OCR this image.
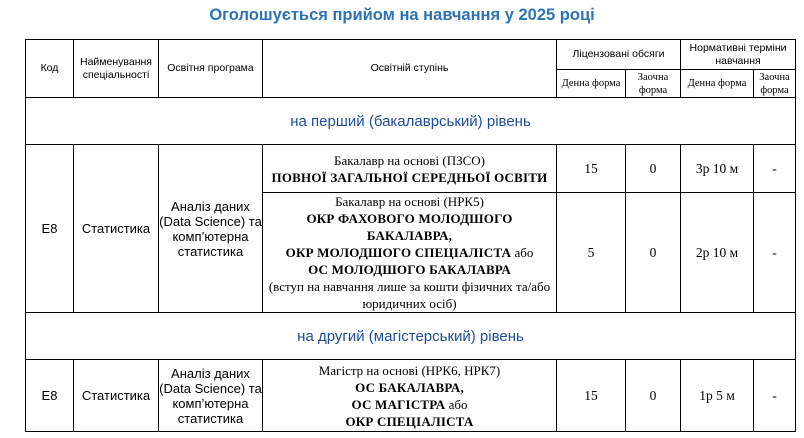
Оголошується прийом на навчання у 2025 році
Код	Найменування спеціальності	Освітня програма	Освітній ступінь	Ліцензовані обсяги		Нормативні терміни навчання	
				Денна форма	Заочна форма	Денна форма	Заочна форма
на перший (бакалаврський) рівень							
Е8	Статистика	Аналіз даних (Data Science) та комп’ютерна статистика	Бакалавр на основі (ПЗСО)
ПОВНОЇ ЗАГАЛЬНОЇ СЕРЕДНЬОЇ ОСВІТИ	15	0	3р 10 м	-

			Бакалавр на основі (НРК5)
ОКР ФАХОВОГО МОЛОДШОГО БАКАЛАВРА,
ОКР МОЛОДШОГО СПЕЦІАЛІСТА або
ОС МОЛОДШОГО БАКАЛАВРА
(вступ на навчання лише за кошти фізичних та/або юридичних осіб)	5	0	2р 10 м	-
на другий (магістерський) рівень							
Е8	Статистика	Аналіз даних (Data Science) та комп’ютерна статистика	Магістр на основі (НРК6, НРК7)
ОС БАКАЛАВРА,
ОС МАГІСТРА або
ОКР СПЕЦІАЛІСТА	15	0	1р 5 м	-
